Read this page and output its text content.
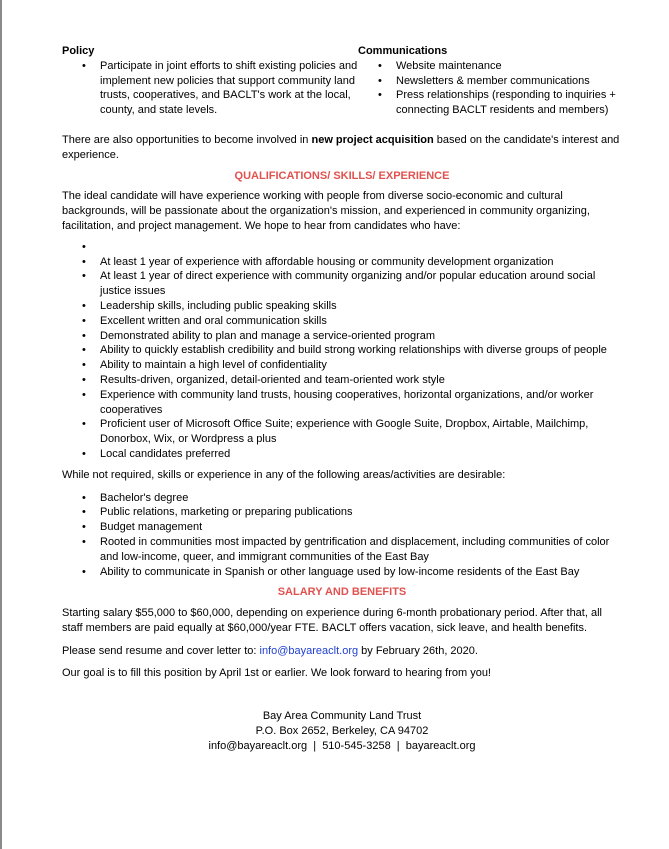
Policy
• Participate in joint efforts to shift existing policies and implement new policies that support community land trusts, cooperatives, and BACLT's work at the local, county, and state levels.
Communications
• Website maintenance
• Newsletters & member communications
• Press relationships (responding to inquiries + connecting BACLT residents and members)
There are also opportunities to become involved in new project acquisition based on the candidate's interest and experience.
QUALIFICATIONS/ SKILLS/ EXPERIENCE
The ideal candidate will have experience working with people from diverse socio-economic and cultural backgrounds, will be passionate about the organization's mission, and experienced in community organizing, facilitation, and project management. We hope to hear from candidates who have:
•
• At least 1 year of experience with affordable housing or community development organization
• At least 1 year of direct experience with community organizing and/or popular education around social justice issues
• Leadership skills, including public speaking skills
• Excellent written and oral communication skills
• Demonstrated ability to plan and manage a service-oriented program
• Ability to quickly establish credibility and build strong working relationships with diverse groups of people
• Ability to maintain a high level of confidentiality
• Results-driven, organized, detail-oriented and team-oriented work style
• Experience with community land trusts, housing cooperatives, horizontal organizations, and/or worker cooperatives
• Proficient user of Microsoft Office Suite; experience with Google Suite, Dropbox, Airtable, Mailchimp, Donorbox, Wix, or Wordpress a plus
• Local candidates preferred
While not required, skills or experience in any of the following areas/activities are desirable:
• Bachelor's degree
• Public relations, marketing or preparing publications
• Budget management
• Rooted in communities most impacted by gentrification and displacement, including communities of color and low-income, queer, and immigrant communities of the East Bay
• Ability to communicate in Spanish or other language used by low-income residents of the East Bay
SALARY AND BENEFITS
Starting salary $55,000 to $60,000, depending on experience during 6-month probationary period. After that, all staff members are paid equally at $60,000/year FTE. BACLT offers vacation, sick leave, and health benefits.
Please send resume and cover letter to: info@bayareaclt.org by February 26th, 2020.
Our goal is to fill this position by April 1st or earlier. We look forward to hearing from you!
Bay Area Community Land Trust
P.O. Box 2652, Berkeley, CA 94702
info@bayareaclt.org  |  510-545-3258  |  bayareaclt.org
